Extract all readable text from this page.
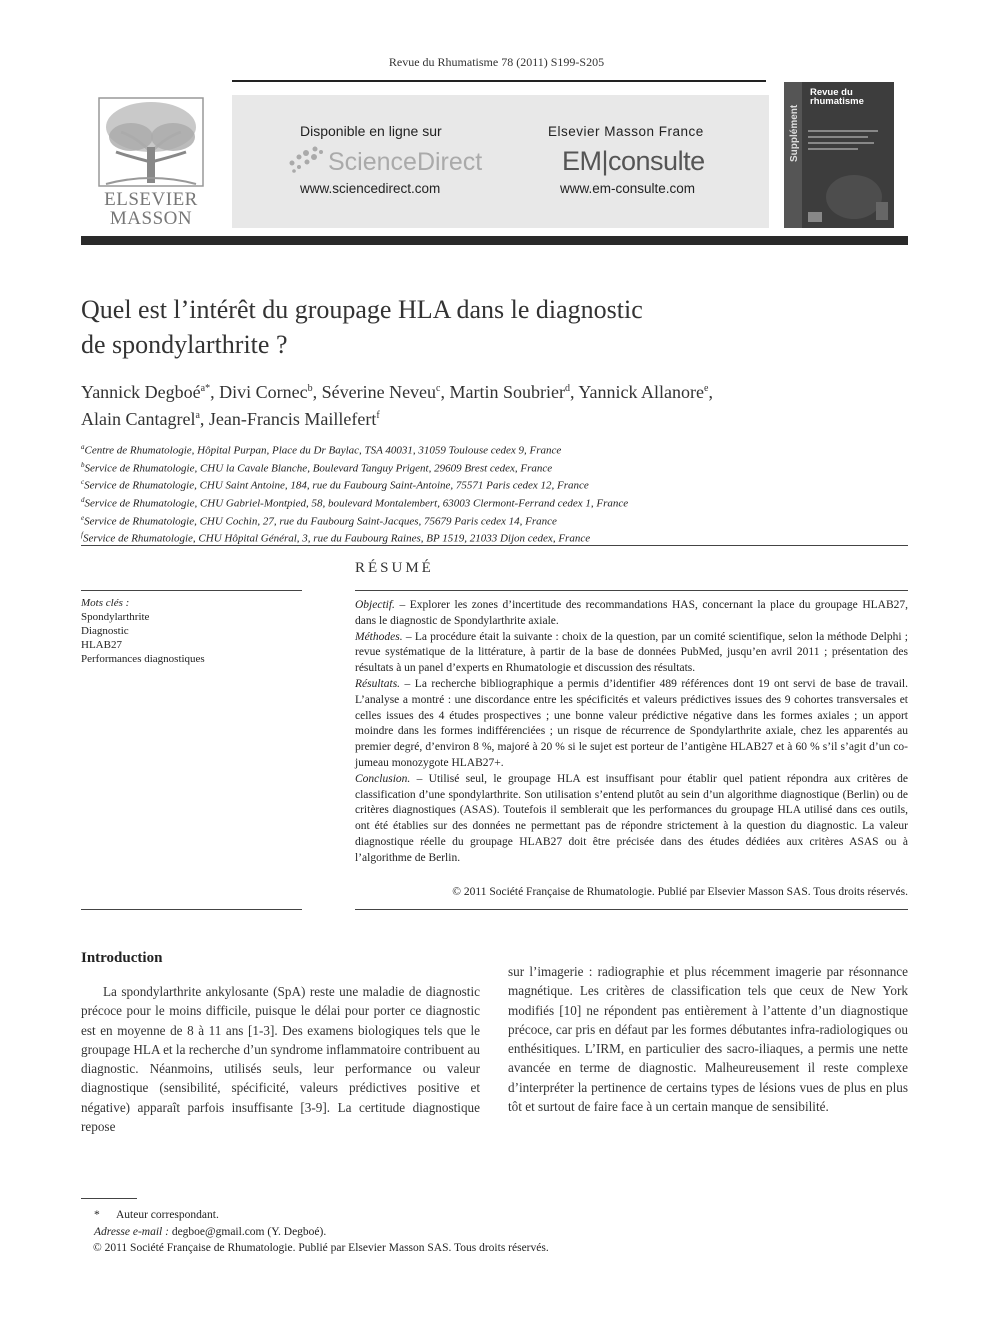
Revue du Rhumatisme 78 (2011) S199-S205
ELSEVIER MASSON
Disponible en ligne sur
ScienceDirect
www.sciencedirect.com
Elsevier Masson France
EM|consulte
www.em-consulte.com
Supplément
Revue du rhumatisme
Quel est l’intérêt du groupage HLA dans le diagnostic
de spondylarthrite ?
Yannick Degboé$^{a*}$, Divi Cornec$^b$, Séverine Neveu$^c$, Martin Soubrier$^d$, Yannick Allanore$^e$,
Alain Cantagrel$^a$, Jean-Francis Maillefert$^f$
$^a$Centre de Rhumatologie, Hôpital Purpan, Place du Dr Baylac, TSA 40031, 31059 Toulouse cedex 9, France
$^b$Service de Rhumatologie, CHU la Cavale Blanche, Boulevard Tanguy Prigent, 29609 Brest cedex, France
$^c$Service de Rhumatologie, CHU Saint Antoine, 184, rue du Faubourg Saint-Antoine, 75571 Paris cedex 12, France
$^d$Service de Rhumatologie, CHU Gabriel-Montpied, 58, boulevard Montalembert, 63003 Clermont-Ferrand cedex 1, France
$^e$Service de Rhumatologie, CHU Cochin, 27, rue du Faubourg Saint-Jacques, 75679 Paris cedex 14, France
$^f$Service de Rhumatologie, CHU Hôpital Général, 3, rue du Faubourg Raines, BP 1519, 21033 Dijon cedex, France
RÉSUMÉ
Mots clés :
Spondylarthrite
Diagnostic
HLAB27
Performances diagnostiques

Objectif. – Explorer les zones d’incertitude des recommandations HAS, concernant la place du groupage HLAB27, dans le diagnostic de Spondylarthrite axiale.

Méthodes. – La procédure était la suivante : choix de la question, par un comité scientifique, selon la méthode Delphi ; revue systématique de la littérature, à partir de la base de données PubMed, jusqu’en avril 2011 ; présentation des résultats à un panel d’experts en Rhumatologie et discussion des résultats.

Résultats. – La recherche bibliographique a permis d’identifier 489 références dont 19 ont servi de base de travail. L’analyse a montré : une discordance entre les spécificités et valeurs prédictives issues des 9 cohortes transversales et celles issues des 4 études prospectives ; une bonne valeur prédictive négative dans les formes axiales ; un apport moindre dans les formes indifférenciées ; un risque de récurrence de Spondylarthrite axiale, chez les apparentés au premier degré, d’environ 8 %, majoré à 20 % si le sujet est porteur de l’antigène HLAB27 et à 60 % s’il s’agit d’un co-jumeau monozygote HLAB27+.

Conclusion. – Utilisé seul, le groupage HLA est insuffisant pour établir quel patient répondra aux critères de classification d’une spondylarthrite. Son utilisation s’entend plutôt au sein d’un algorithme diagnostique (Berlin) ou de critères diagnostiques (ASAS). Toutefois il semblerait que les performances du groupage HLA utilisé dans ces outils, ont été établies sur des données ne permettant pas de répondre strictement à la question du diagnostic. La valeur diagnostique réelle du groupage HLAB27 doit être précisée dans des études dédiées aux critères ASAS ou à l’algorithme de Berlin.

© 2011 Société Française de Rhumatologie. Publié par Elsevier Masson SAS. Tous droits réservés.
Introduction
La spondylarthrite ankylosante (SpA) reste une maladie de diagnostic précoce pour le moins difficile, puisque le délai pour porter ce diagnostic est en moyenne de 8 à 11 ans [1-3]. Des examens biologiques tels que le groupage HLA et la recherche d’un syndrome inflammatoire contribuent au diagnostic. Néanmoins, utilisés seuls, leur performance ou valeur diagnostique (sensibilité, spécificité, valeurs prédictives positive et négative) apparaît parfois insuffisante [3-9]. La certitude diagnostique repose
sur l’imagerie : radiographie et plus récemment imagerie par résonnance magnétique. Les critères de classification tels que ceux de New York modifiés [10] ne répondent pas entièrement à l’attente d’un diagnostique précoce, car pris en défaut par les formes débutantes infra-radiologiques ou enthésitiques. L’IRM, en particulier des sacro-iliaques, a permis une nette avancée en terme de diagnostic. Malheureusement il reste complexe d’interpréter la pertinence de certains types de lésions vues de plus en plus tôt et surtout de faire face à un certain manque de sensibilité.
* Auteur correspondant.
Adresse e-mail : degboe@gmail.com (Y. Degboé).
© 2011 Société Française de Rhumatologie. Publié par Elsevier Masson SAS. Tous droits réservés.
